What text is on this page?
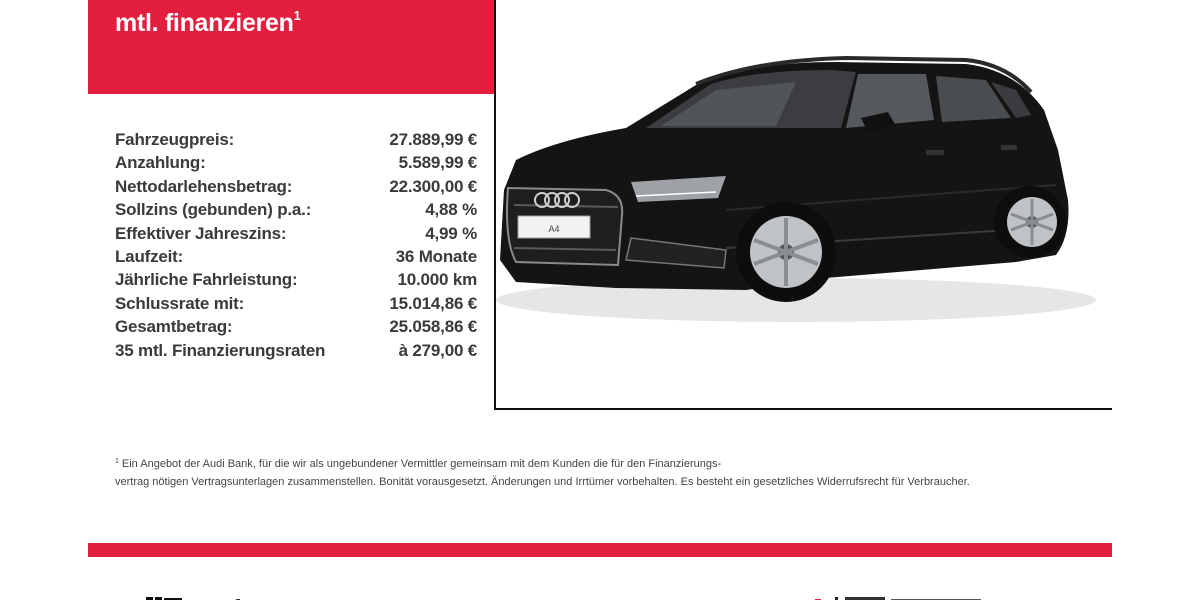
mtl. finanzieren$^1$
Fahrzeugpreis:	27.889,99 €
Anzahlung:	5.589,99 €
Nettodarlehensbetrag:	22.300,00 €
Sollzins (gebunden) p.a.:	4,88 %
Effektiver Jahreszins:	4,99 %
Laufzeit:	36 Monate
Jährliche Fahrleistung:	10.000 km
Schlussrate mit:	15.014,86 €
Gesamtbetrag:	25.058,86 €
35 mtl. Finanzierungsraten	à 279,00 €
A4
$^1$ Ein Angebot der Audi Bank, für die wir als ungebundener Vermittler gemeinsam mit dem Kunden die für den Finanzierungs-
vertrag nötigen Vertragsunterlagen zusammenstellen. Bonität vorausgesetzt. Änderungen und Irrtümer vorbehalten. Es besteht ein gesetzliches Widerrufsrecht für Verbraucher.
